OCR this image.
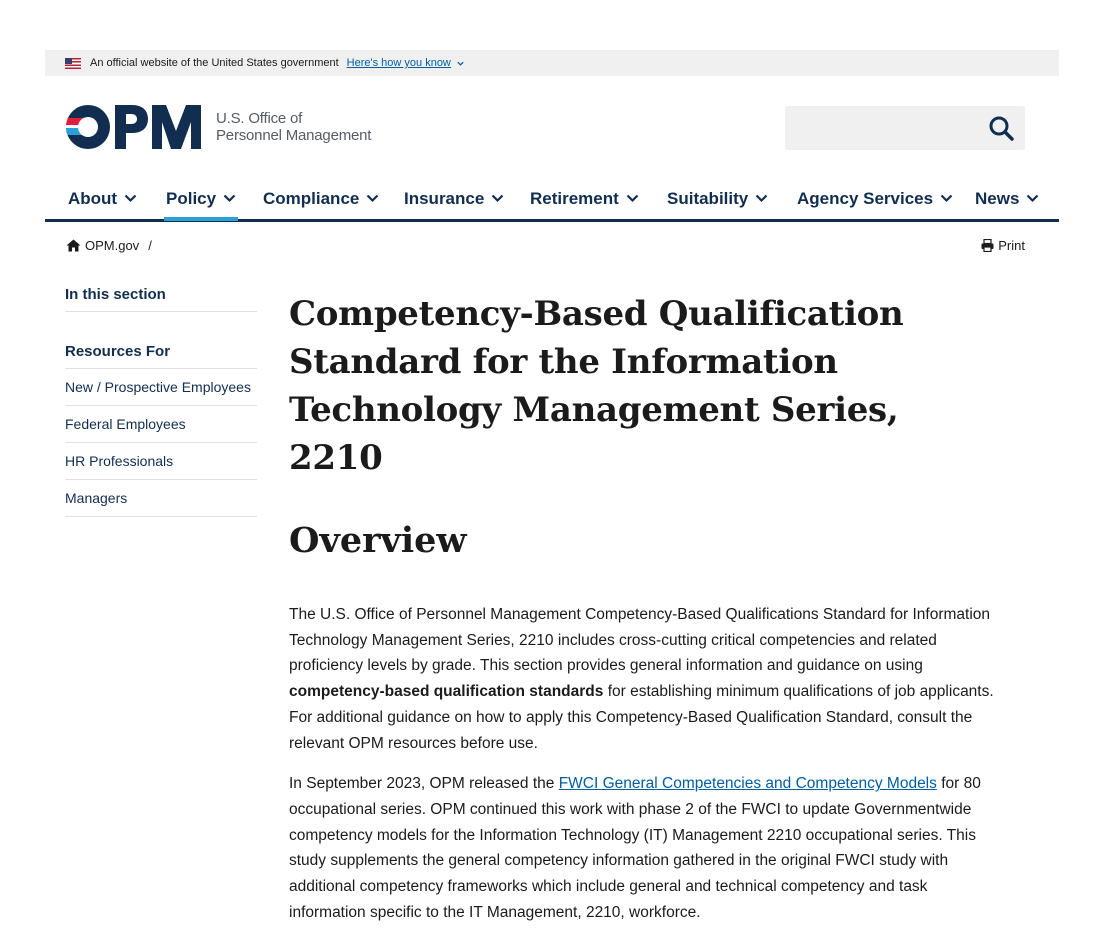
An official website of the United States government Here's how you know
U.S. Office of
Personnel Management
About	Policy	Compliance	Insurance	Retirement	Suitability	Agency Services News
OPM.gov /	Print
In this section
Resources For
New / Prospective Employees
Federal Employees
HR Professionals
Managers
Competency-Based Qualification Standard for the Information Technology Management Series, 2210
Overview

The U.S. Office of Personnel Management Competency-Based Qualifications Standard for Information Technology Management Series, 2210 includes cross-cutting critical competencies and related proficiency levels by grade. This section provides general information and guidance on using competency-based qualification standards for establishing minimum qualifications of job applicants. For additional guidance on how to apply this Competency-Based Qualification Standard, consult the relevant OPM resources before use.

In September 2023, OPM released the FWCI General Competencies and Competency Models for 80 occupational series. OPM continued this work with phase 2 of the FWCI to update Governmentwide competency models for the Information Technology (IT) Management 2210 occupational series. This study supplements the general competency information gathered in the original FWCI study with additional competency frameworks which include general and technical competency and task information specific to the IT Management, 2210, workforce.
